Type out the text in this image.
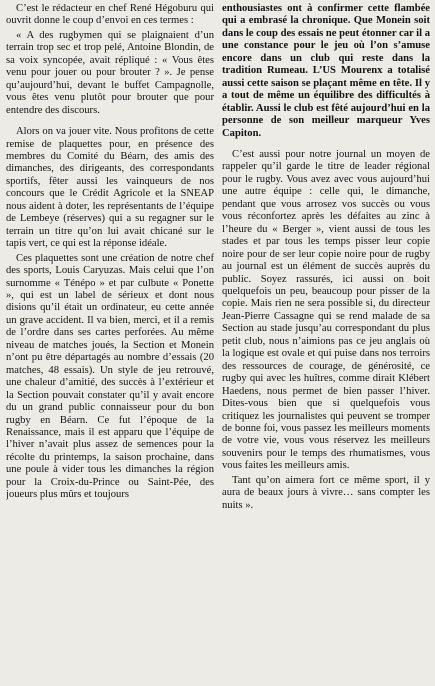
C’est le rédacteur en chef René Hégoburu qui ouvrit donne le coup d’envoi en ces termes :

« A des rugbymen qui se plaignaient d’un terrain trop sec et trop pelé, Antoine Blondin, de sa voix syncopée, avait répliqué : « Vous êtes venu pour jouer ou pour brouter ? ». Je pense qu’aujourd’hui, devant le buffet Campagnolle, vous êtes venu plutôt pour brouter que pour entendre des discours.

Alors on va jouer vite. Nous profitons de cette remise de plaquettes pour, en présence des membres du Comité du Béarn, des amis des dimanches, des dirigeants, des correspondants sportifs, fêter aussi les vainqueurs de nos concours que le Crédit Agricole et la SNEAP nous aident à doter, les représentants de l’équipe de Lembeye (réserves) qui a su regagner sur le terrain un titre qu’on lui avait chicané sur le tapis vert, ce qui est la réponse idéale.

Ces plaquettes sont une création de notre chef des sports, Louis Caryuzas. Mais celui que l’on surnomme « Ténépo » et par culbute « Ponette », qui est un label de sérieux et dont nous disions qu’il était un ordinateur, eu cette année un grave accident. Il va bien, merci, et il a remis de l’ordre dans ses cartes perforées. Au même niveau de matches joués, la Section et Monein n’ont pu être départagés au nombre d’essais (20 matches, 48 essais). Un style de jeu retrouvé, une chaleur d’amitié, des succès à l’extérieur et la Section pouvait constater qu’il y avait encore du un grand public connaisseur pour du bon rugby en Béarn. Ce fut l’époque de la Renaissance, mais il est apparu que l’équipe de l’hiver n’avait plus assez de semences pour la récolte du printemps, la saison prochaine, dans une poule à vider tous les dimanches la région pour la Croix-du-Prince ou Saint-Pée, des joueurs plus mûrs et toujours

enthousiastes ont à confirmer cette flambée qui a embrasé la chronique. Que Monein soit dans le coup des essais ne peut étonner car il a une constance pour le jeu où l’on s’amuse encore dans un club qui reste dans la tradition Rumeau. L’US Mourenx a totalisé aussi cette saison se plaçant même en tête. Il y a tout de même un équilibre des difficultés à établir. Aussi le club est fêté aujourd’hui en la personne de son meilleur marqueur Yves Capiton.

C’est aussi pour notre journal un moyen de rappeler qu’il garde le titre de leader régional pour le rugby. Vous avez avec vous aujourd’hui une autre équipe : celle qui, le dimanche, pendant que vous arrosez vos succès ou vous vous réconfortez après les défaites au zinc à l’heure du « Berger », vient aussi de tous les stades et par tous les temps pisser leur copie noire pour de ser leur copie noire pour de rugby au journal est un élément de succès auprès du public. Soyez rassurés, ici aussi on boit quelquefois un peu, beaucoup pour pisser de la copie. Mais rien ne sera possible si, du directeur Jean-Pierre Cassagne qui se rend malade de sa Section au stade jusqu’au correspondant du plus petit club, nous n’aimions pas ce jeu anglais où la logique est ovale et qui puise dans nos terroirs des ressources de courage, de générosité, ce rugby qui avec les huîtres, comme dirait Klébert Haedens, nous permet de bien passer l’hiver. Dites-vous bien que si quelquefois vous critiquez les journalistes qui peuvent se tromper de bonne foi, vous passez les meilleurs moments de votre vie, vous vous réservez les meilleurs souvenirs pour le temps des rhumatismes, vous vous faites les meilleurs amis.

Tant qu’on aimera fort ce même sport, il y aura de beaux jours à vivre… sans compter les nuits ».
